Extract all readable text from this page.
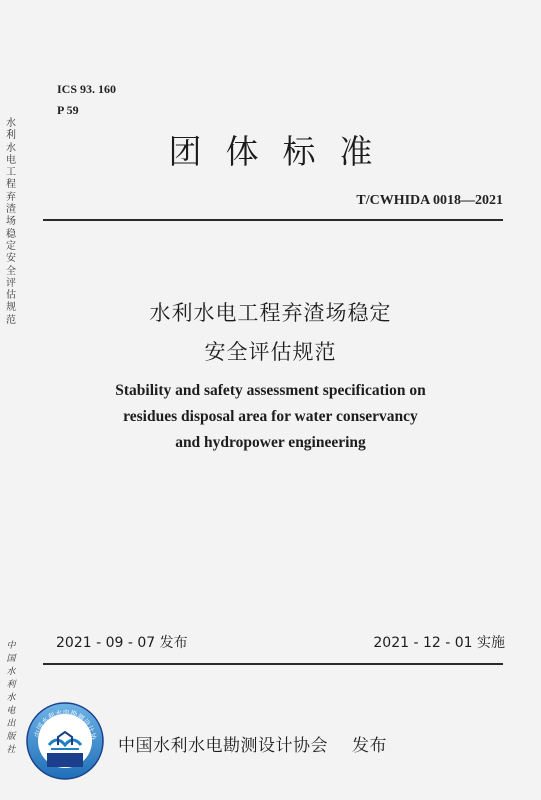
水利水电工程弃渣场稳定安全评估规范
中国水利水电出版社
ICS 93. 160
P 59
团体标准
T/CWHIDA 0018—2021
水利水电工程弃渣场稳定
安全评估规范
Stability and safety assessment specification on
residues disposal area for water conservancy
and hydropower engineering
2021 - 09 - 07 发布	2021 - 12 - 01 实施
中国水利水电勘测设计协 中国水利水电勘测设计协会 发布
